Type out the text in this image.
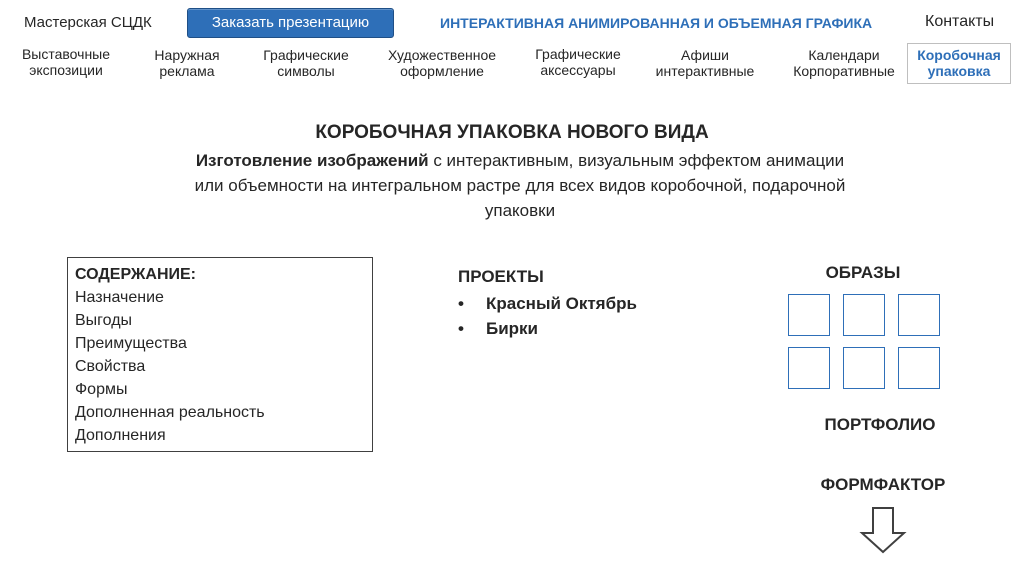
Мастерская СЦДК	Заказать презентацию	ИНТЕРАКТИВНАЯ АНИМИРОВАННАЯ И ОБЪЕМНАЯ ГРАФИКА	Контакты
Выставочные
экспозиции
Наружная
реклама
Графические
символы
Художественное
оформление
Графические
аксессуары
Афиши
интерактивные
Календари
Корпоративные
Коробочная
упаковка
КОРОБОЧНАЯ УПАКОВКА НОВОГО ВИДА
Изготовление изображений с интерактивным, визуальным эффектом анимации или объемности на интегральном растре для всех видов коробочной, подарочной упаковки
СОДЕРЖАНИЕ:
Назначение
Выгоды
Преимущества
Свойства
Формы
Дополненная реальность
Дополнения
ПРОЕКТЫ
• Красный Октябрь
• Бирки
ОБРАЗЫ
ПОРТФОЛИО
ФОРМФАКТОР
